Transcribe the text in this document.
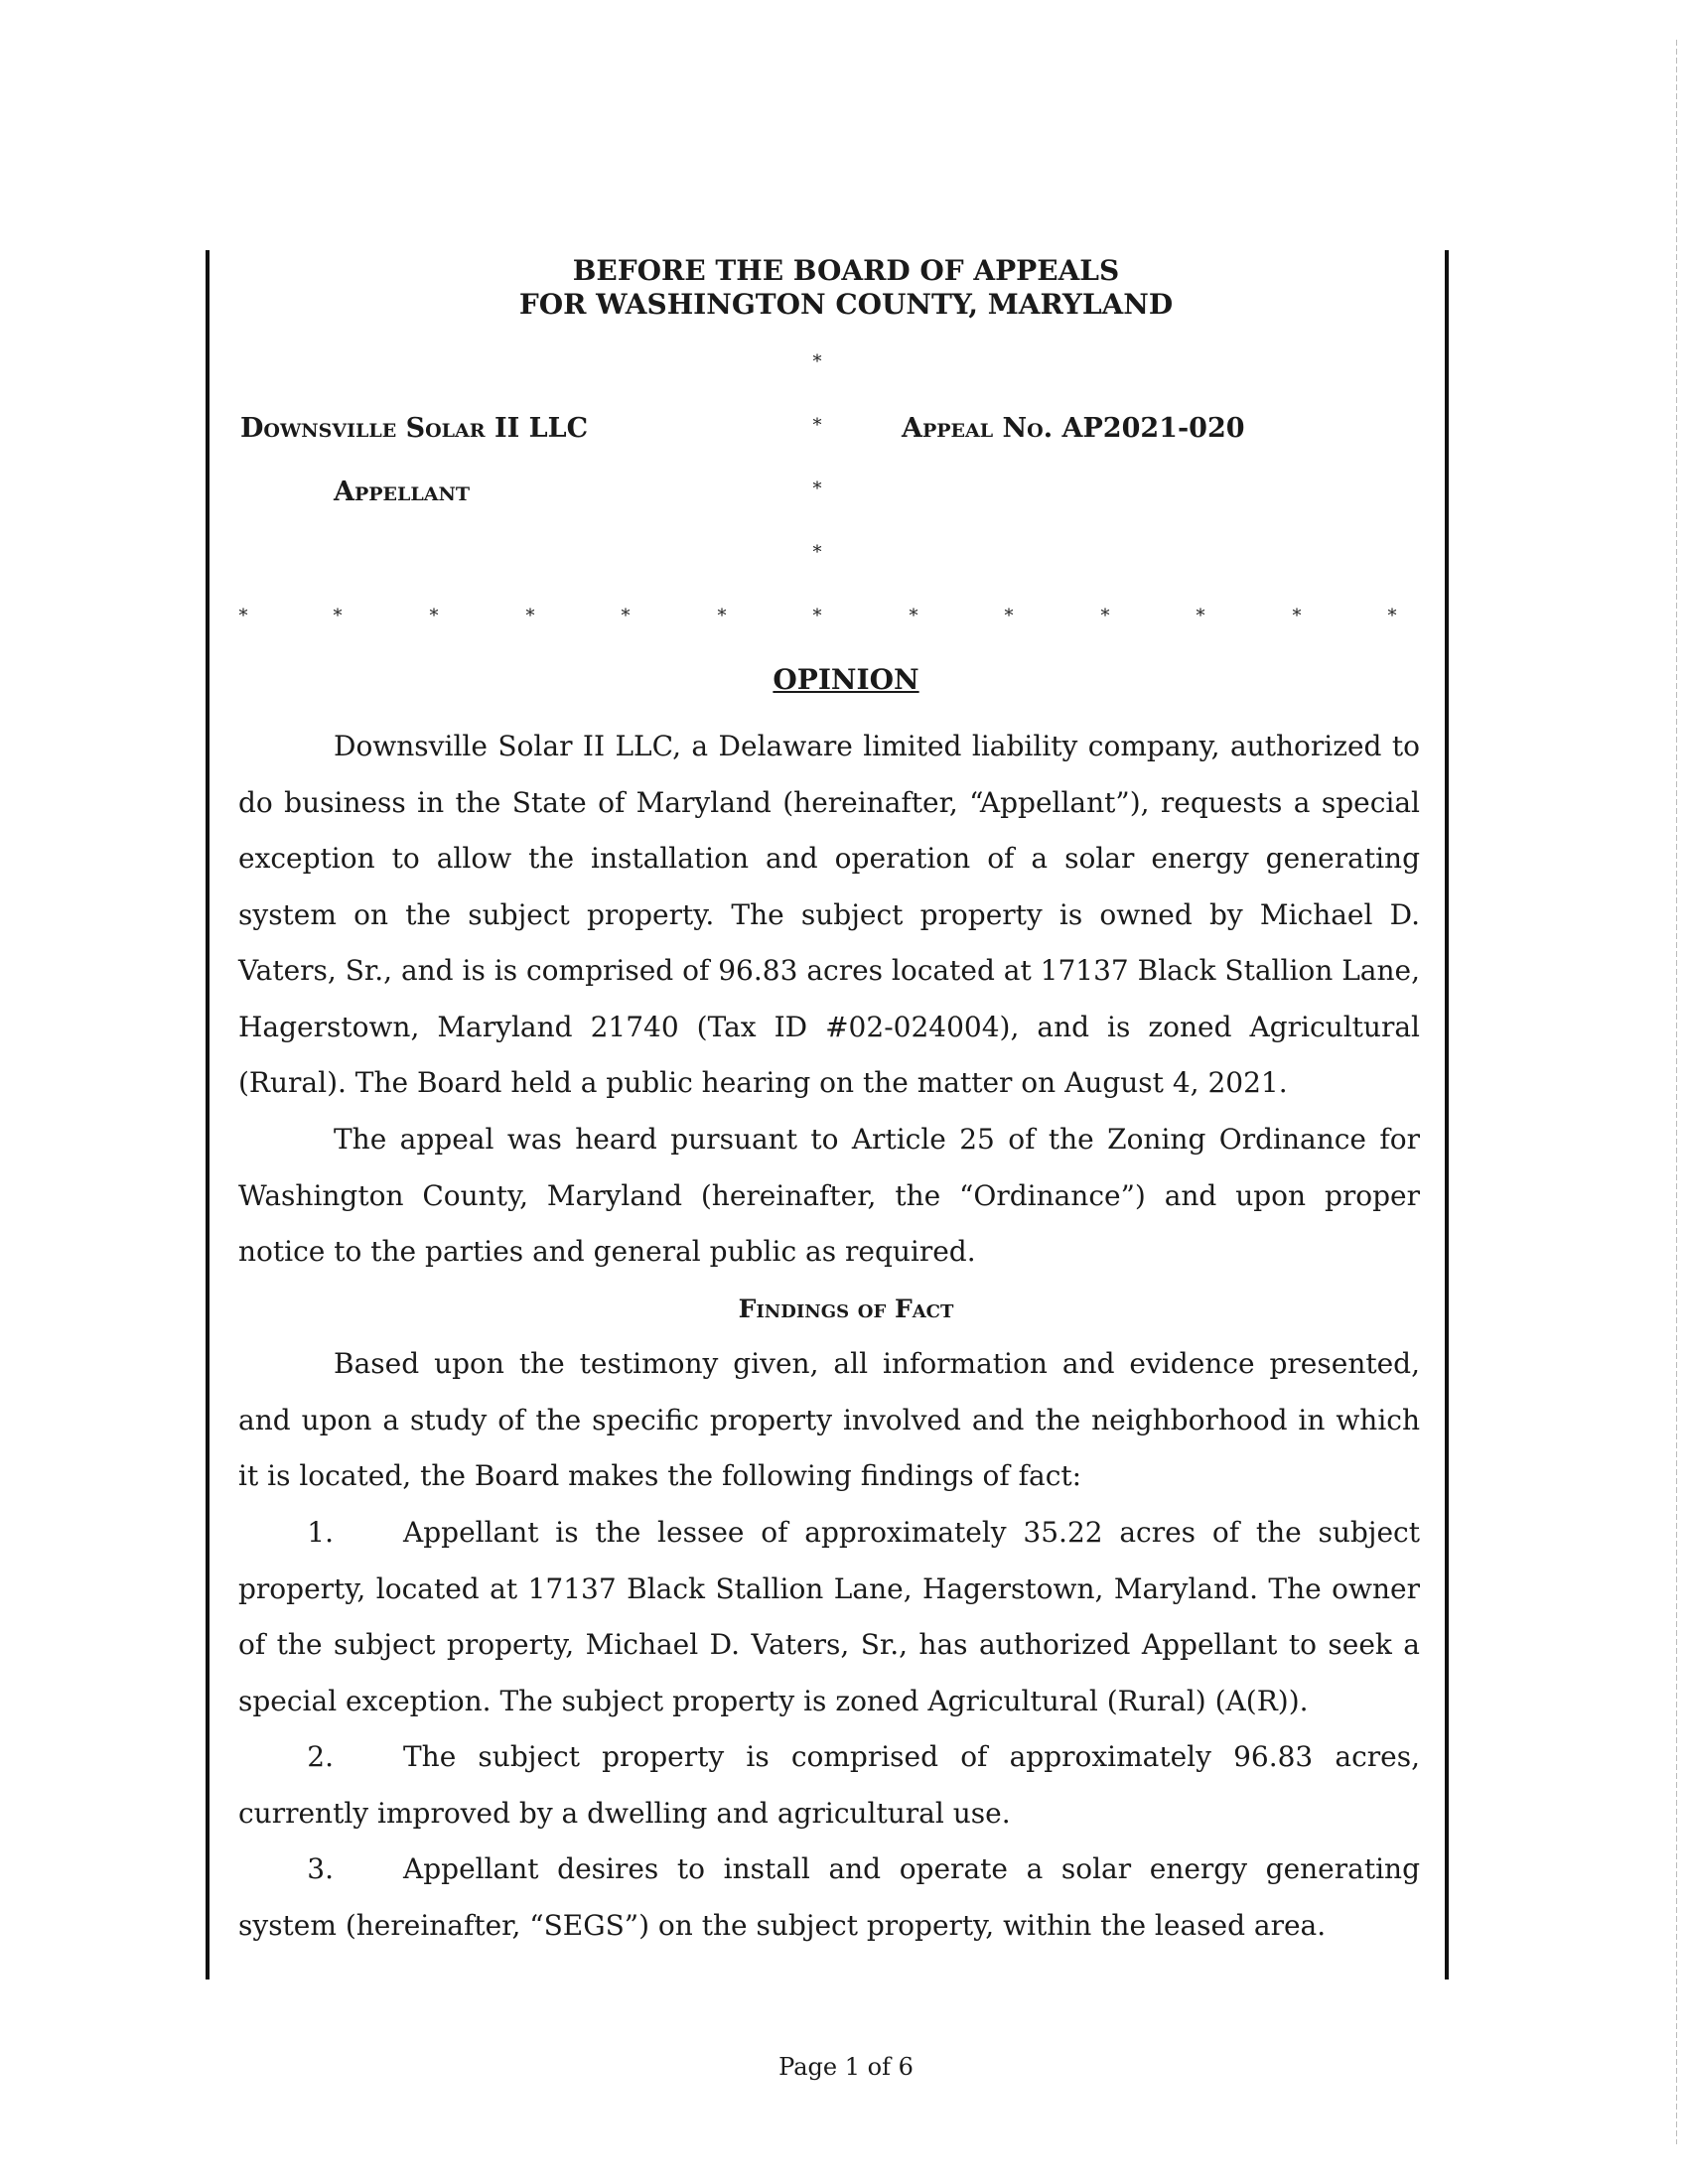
BEFORE THE BOARD OF APPEALS
FOR WASHINGTON COUNTY, MARYLAND
*
*
*
*
Downsville Solar II LLC
Appellant
Appeal No. AP2021-020
*	*	*	*	*	*	*	*	*	*	*	*	*
OPINION

Downsville Solar II LLC, a Delaware limited liability company, authorized to do business in the State of Maryland (hereinafter, “Appellant”), requests a special exception to allow the installation and operation of a solar energy generating system on the subject property. The subject property is owned by Michael D. Vaters, Sr., and is is comprised of 96.83 acres located at 17137 Black Stallion Lane, Hagerstown, Maryland 21740 (Tax ID #02-024004), and is zoned Agricultural (Rural). The Board held a public hearing on the matter on August 4, 2021.

The appeal was heard pursuant to Article 25 of the Zoning Ordinance for Washington County, Maryland (hereinafter, the “Ordinance”) and upon proper notice to the parties and general public as required.

Findings of Fact

Based upon the testimony given, all information and evidence presented, and upon a study of the specific property involved and the neighborhood in which it is located, the Board makes the following findings of fact:

1.	Appellant is the lessee of approximately 35.22 acres of the subject property, located at 17137 Black Stallion Lane, Hagerstown, Maryland. The owner of the subject property, Michael D. Vaters, Sr., has authorized Appellant to seek a special exception. The subject property is zoned Agricultural (Rural) (A(R)).

2.	The subject property is comprised of approximately 96.83 acres, currently improved by a dwelling and agricultural use.

3.	Appellant desires to install and operate a solar energy generating system (hereinafter, “SEGS”) on the subject property, within the leased area.

Page 1 of 6
